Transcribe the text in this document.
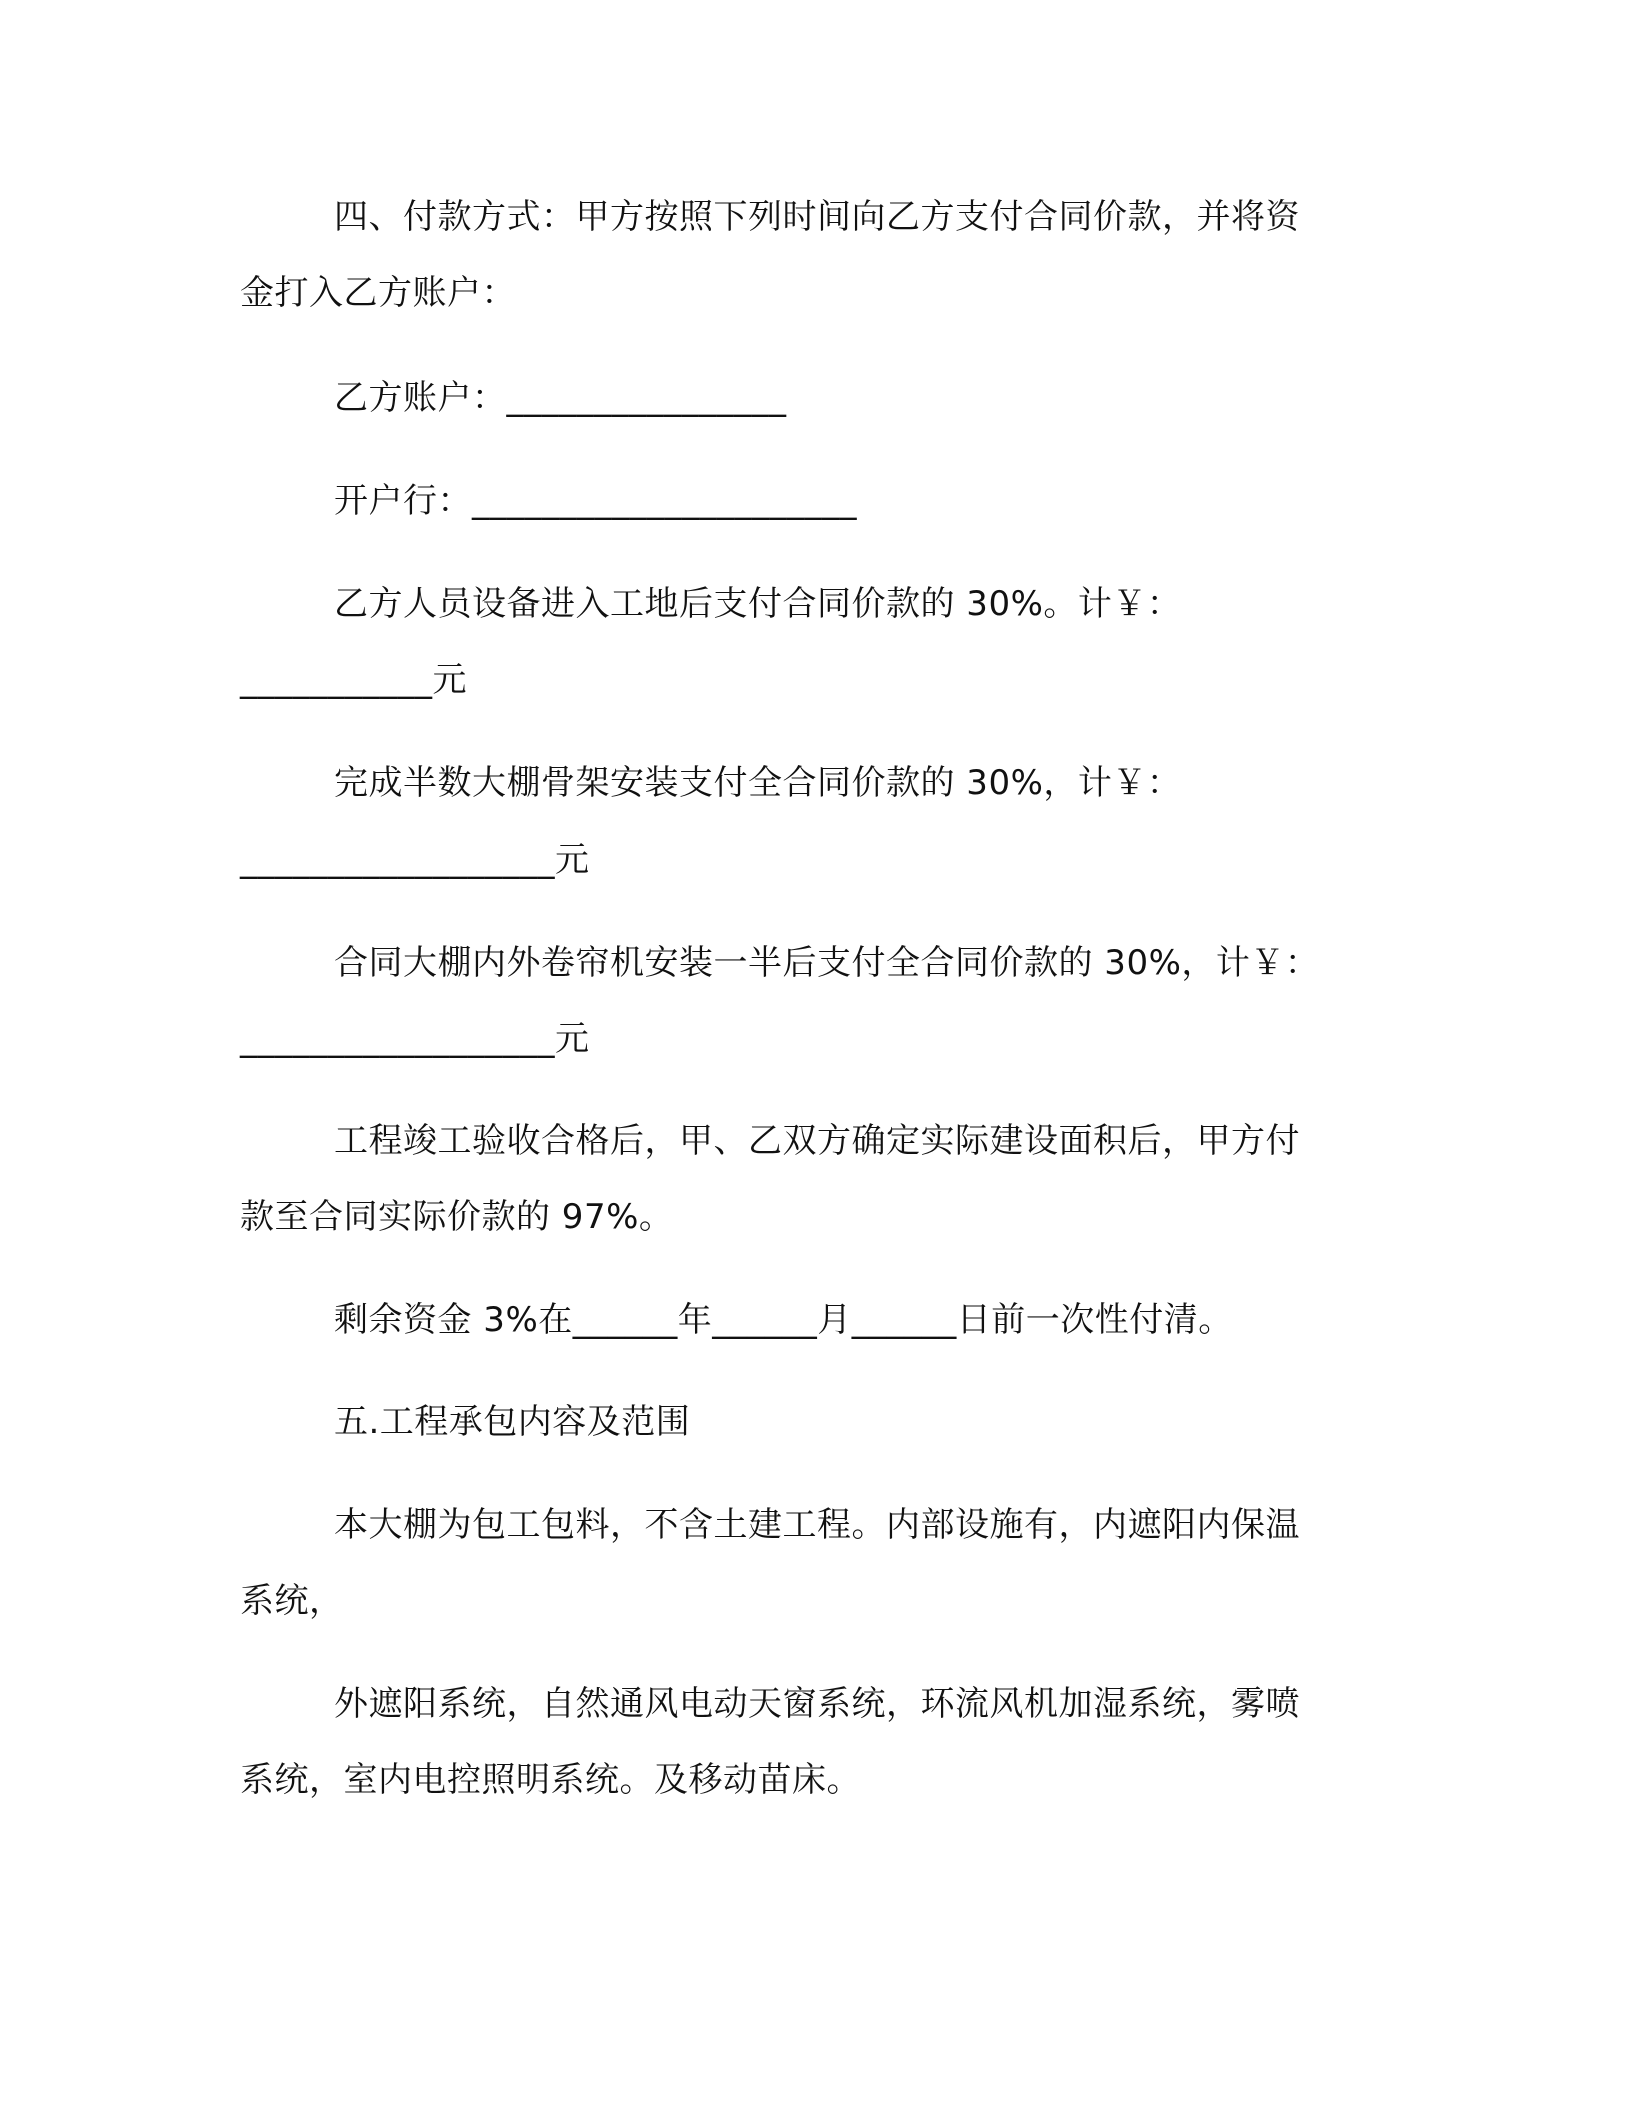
四、付款方式：甲方按照下列时间向乙方支付合同价款，并将资
金打入乙方账户：
乙方账户：________________
开户行：______________________
乙方人员设备进入工地后支付合同价款的 30%。计￥：
___________元
完成半数大棚骨架安装支付全合同价款的 30%，计￥：
__________________元
合同大棚内外卷帘机安装一半后支付全合同价款的 30%，计￥：
__________________元
工程竣工验收合格后，甲、乙双方确定实际建设面积后，甲方付
款至合同实际价款的 97%。
剩余资金 3%在______年______月______日前一次性付清。
五.工程承包内容及范围
本大棚为包工包料，不含土建工程。内部设施有，内遮阳内保温
系统，
外遮阳系统，自然通风电动天窗系统，环流风机加湿系统，雾喷
系统，室内电控照明系统。及移动苗床。
